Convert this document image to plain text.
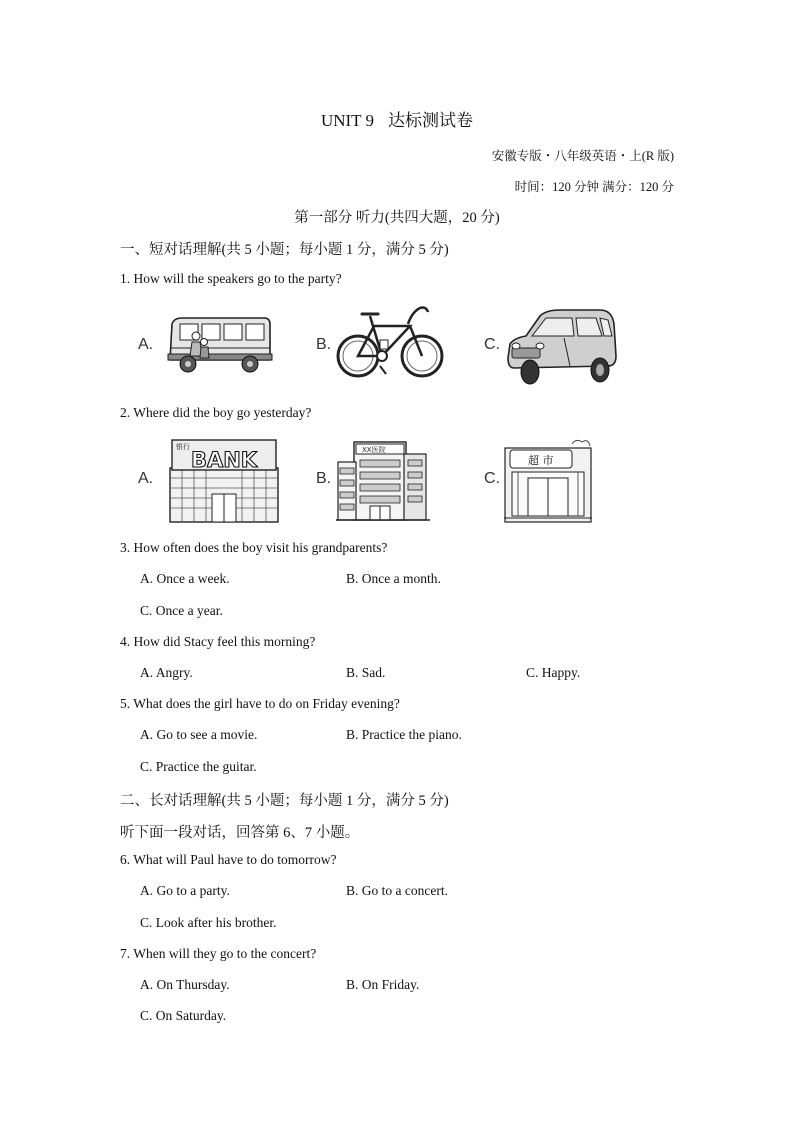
UNIT 9 达标测试卷
安徽专版・八年级英语・上(R 版)
时间：120 分钟 满分：120 分
第一部分 听力(共四大题，20 分)
一、短对话理解(共 5 小题；每小题 1 分，满分 5 分)
1. How will the speakers go to the party?
A.	B.	C.
2. Where did the boy go yesterday?
A.
银行
BANK
B.
XX医院
C.
超 市
3. How often does the boy visit his grandparents?
A. Once a week.	B. Once a month.
C. Once a year.
4. How did Stacy feel this morning?
A. Angry.	B. Sad.	C. Happy.
5. What does the girl have to do on Friday evening?
A. Go to see a movie.	B. Practice the piano.
C. Practice the guitar.
二、长对话理解(共 5 小题；每小题 1 分，满分 5 分)
听下面一段对话，回答第 6、7 小题。
6. What will Paul have to do tomorrow?
A. Go to a party.	B. Go to a concert.
C. Look after his brother.
7. When will they go to the concert?
A. On Thursday.	B. On Friday.
C. On Saturday.
